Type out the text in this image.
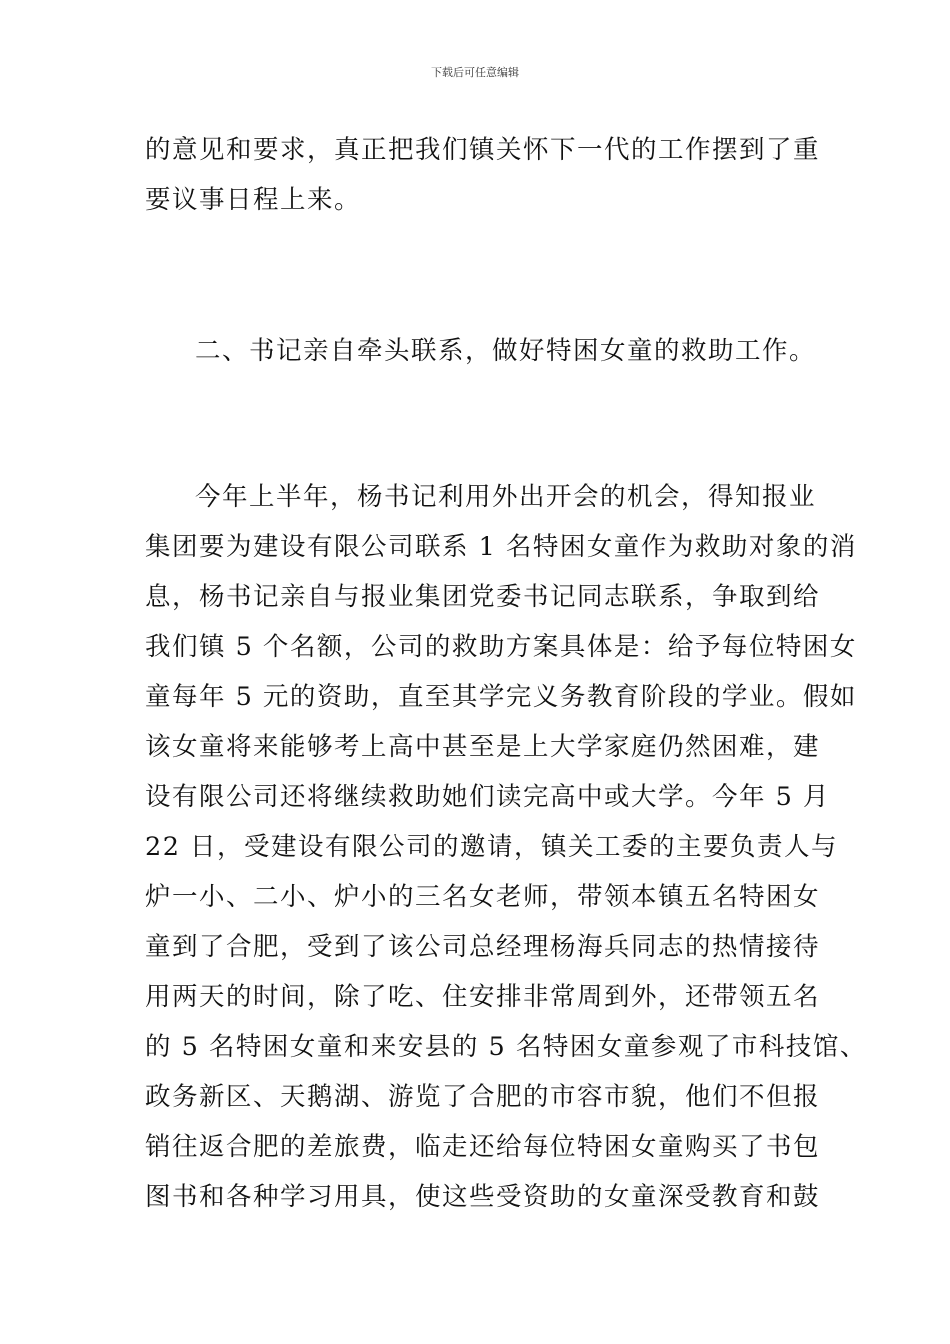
下载后可任意编辑
的意见和要求，真正把我们镇关怀下一代的工作摆到了重
要议事日程上来。
二、书记亲自牵头联系，做好特困女童的救助工作。
今年上半年，杨书记利用外出开会的机会，得知报业
集团要为建设有限公司联系 1 名特困女童作为救助对象的消
息，杨书记亲自与报业集团党委书记同志联系，争取到给
我们镇 5 个名额，公司的救助方案具体是：给予每位特困女
童每年 5 元的资助，直至其学完义务教育阶段的学业。假如
该女童将来能够考上高中甚至是上大学家庭仍然困难，建
设有限公司还将继续救助她们读完高中或大学。今年 5 月
22 日，受建设有限公司的邀请，镇关工委的主要负责人与
炉一小、二小、炉小的三名女老师，带领本镇五名特困女
童到了合肥，受到了该公司总经理杨海兵同志的热情接待
用两天的时间，除了吃、住安排非常周到外，还带领五名
的 5 名特困女童和来安县的 5 名特困女童参观了市科技馆、
政务新区、天鹅湖、游览了合肥的市容市貌，他们不但报
销往返合肥的差旅费，临走还给每位特困女童购买了书包
图书和各种学习用具，使这些受资助的女童深受教育和鼓
